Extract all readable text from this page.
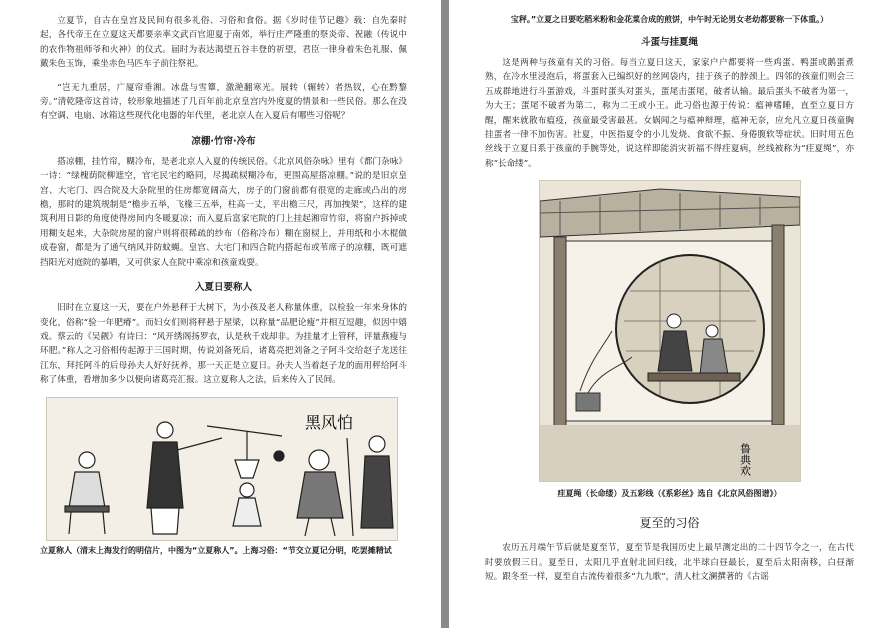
立夏节，自古在皇宫及民间有很多礼俗、习俗和食俗。据《岁时佳节记趣》载：自先秦时起，各代帝王在立夏这天都要亲率文武百官迎夏于南郊，举行庄严隆重的祭炎帝、祝融（传说中的农作物祖师爷和火神）的仪式。届时为表达渴望五谷丰登的祈望，君臣一律身着朱色礼服、佩戴朱色玉饰，乘坐赤色马匹车子前往祭祀。

“岂无九重居，广厦帘垂湘。冰盘与雪簟，激滟翻寒光。展转（辗转）者热钗，心在黔黎旁。”清乾隆帝这首诗，较形象地描述了几百年前北京皇宫内外度夏的情景和一些民俗。那么在没有空调、电扇、冰箱这些现代化电器的年代里，老北京人在入夏后有哪些习俗呢？

凉棚·竹帘·冷布

搭凉棚，挂竹帘，糊冷布，是老北京人入夏的传统民俗。《北京风俗杂咏》里有《都门杂咏》一诗：“绿槐荫院柳遮空，官宅民宅约略同，尽揭疏棂糊冷布，更围高屋搭凉棚。”说的是旧京皇宫、大宅门、四合院及大杂院里的住房都宽阔高大，房子的门窗前都有很宽的走廊或凸出的房檐，那时的建筑规制是“檐步五举，飞椽三五举，柱高一丈，平出檐三尺，再加拽架”，这样的建筑利用日影的角度使得房间内冬暖夏凉；而入夏后富家宅院的门上挂起湘帘竹帘，将窗户拆掉或用糊支起来，大杂院房屋的窗户则将很稀疏的纱布（俗称冷布）糊在窗棂上，并用纸和小木棍做成卷窗，都是为了通气纳风并防蚊蝇。皇宫、大宅门和四合院内搭起布或苇席子的凉棚，既可遮挡阳光对庭院的暴晒，又可供家人在院中乘凉和孩童戏耍。

入夏日要称人

旧时在立夏这一天，要在户外悬秤于大树下，为小孩及老人称量体重，以检验一年来身体的变化，俗称“验一年肥瘠”。而妇女们则将秤悬于屋梁，以称量“品肥论瘦”并相互逗趣，似因中嬉戏。蔡云的《吴觎》有诗曰：“风开绣阁扬罗衣，认是秋千戏却非。为挂量才上管秤，评量燕瘦与环肥。”称人之习俗相传起源于三国时期，传说刘备死后，诸葛亮把刘备之子阿斗交给赵子龙送往江东，拜托阿斗的后母孙夫人好好抚养，那一天正是立夏日。孙夫人当着赵子龙的面用秤给阿斗称了体重，看增加多少以便向诸葛亮汇报。这立夏称人之法，后来传入了民间。

黑风怕
立夏称人（清末上海发行的明信片，中图为“立夏称人”。上海习俗：“节交立夏记分明，吃罢摊精试
宝秤。”立夏之日要吃稻米粉和金花菜合成的煎饼，中午时无论男女老幼都要称一下体重。）
斗蛋与挂夏绳

这是两种与孩童有关的习俗。每当立夏日这天，家家户户都要将一些鸡蛋、鸭蛋或鹅蛋煮熟，在冷水里浸泡后，将蛋套入已编织好的丝网袋内，挂于孩子的脖颈上。四邻的孩童们则会三五成群地进行斗蛋游戏，斗蛋时蛋头对蛋头，蛋尾击蛋尾，破者认输。最后蛋头不破者为第一，为大王；蛋尾不破者为第二，称为二王或小王。此习俗也源于传说：瘟神嗜睡，直至立夏日方醒，醒来就散布瘟疫，孩童最受害最甚。女娲闻之与瘟神辩理，瘟神无奈，应允凡立夏日孩童胸挂蛋者一律不加伤害。社夏，中医指夏令的小儿发烧、食欲不振、身倦腹软等症状。旧时用五色丝线于立夏日系于孩童的手腕等处，说这样即能消灾祈福不得疰夏病，丝线被称为“疰夏绳”，亦称“长命缕”。

鲁典欢
疰夏绳（长命缕）及五彩线（《系彩丝》选自《北京风俗图谱》）
夏至的习俗

农历五月端午节后就是夏至节，夏至节是我国历史上最早测定出的二十四节令之一，在古代时要放假三日。夏至日，太阳几乎直射北回归线，北半球白昼最长，夏至后太阳南移，白昼渐短。跟冬至一样，夏至自古流传着很多“九九歌”，清人杜文澜撰著的《古谣
